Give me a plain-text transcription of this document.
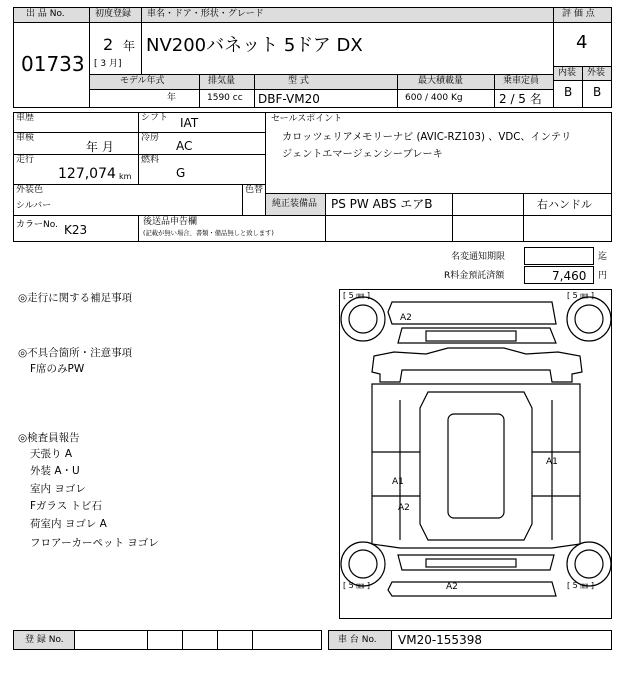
出 品 No.
01733
初度登録
2 年
[ 3 月]
車名・ドア・形状・グレード
NV200バネット 5ドア DX
評 価 点
4
内装 外装
B B
モデル年式	排気量	型 式	最大積載量	乗車定員
年	1590 cc DBF-VM20	600 / 400 Kg	2 / 5 名
車歴	シフト IAT
車検
年 月
冷房
AC
走行
127,074 km
燃料
G
外装色
シルバー
色替
カラーNo. K23
後送品申告欄
(記載が無い場合、書類・備品無しと致します)
セールスポイント
カロッツェリアメモリーナビ (AVIC-RZ103) 、VDC、インテリ
ジェントエマージェンシーブレーキ
純正装備品 PS PW ABS エアB	右ハンドル
名変通知期限	迄
R料金預託済額	7,460 円
◎走行に関する補足事項
◎不具合箇所・注意事項
F席のみPW
◎検査員報告
天張り A
外装 A・U
室内 ヨゴレ
Fガラス トビ石
荷室内 ヨゴレ A
フロアーカーペット ヨゴレ
[ 5 ㎜ ]	[ 5 ㎜ ]
[ 5 ㎜ ]	[ 5 ㎜ ]
A2
A1
A1
A2
A2
登 録 No.	車 台 No. VM20-155398
